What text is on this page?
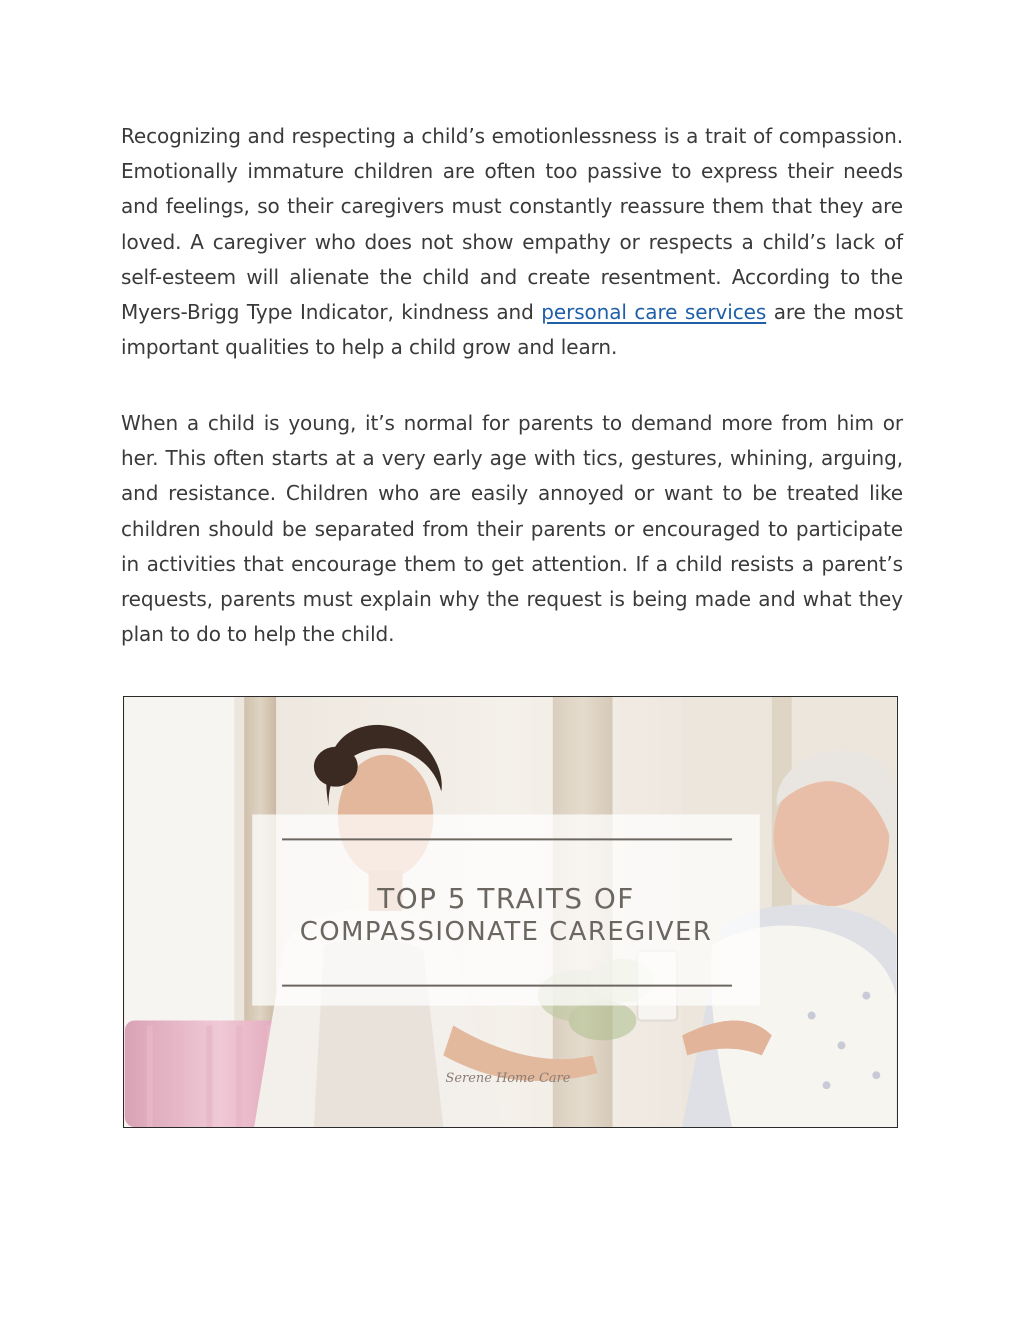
Recognizing and respecting a child’s emotionlessness is a trait of compassion. Emotionally immature children are often too passive to express their needs and feelings, so their caregivers must constantly reassure them that they are loved. A caregiver who does not show empathy or respects a child’s lack of self-esteem will alienate the child and create resentment. According to the Myers-Brigg Type Indicator, kindness and personal care services are the most important qualities to help a child grow and learn.

When a child is young, it’s normal for parents to demand more from him or her. This often starts at a very early age with tics, gestures, whining, arguing, and resistance. Children who are easily annoyed or want to be treated like children should be separated from their parents or encouraged to participate in activities that encourage them to get attention. If a child resists a parent’s requests, parents must explain why the request is being made and what they plan to do to help the child.

TOP 5 TRAITS OF
COMPASSIONATE CAREGIVER
Serene Home Care
